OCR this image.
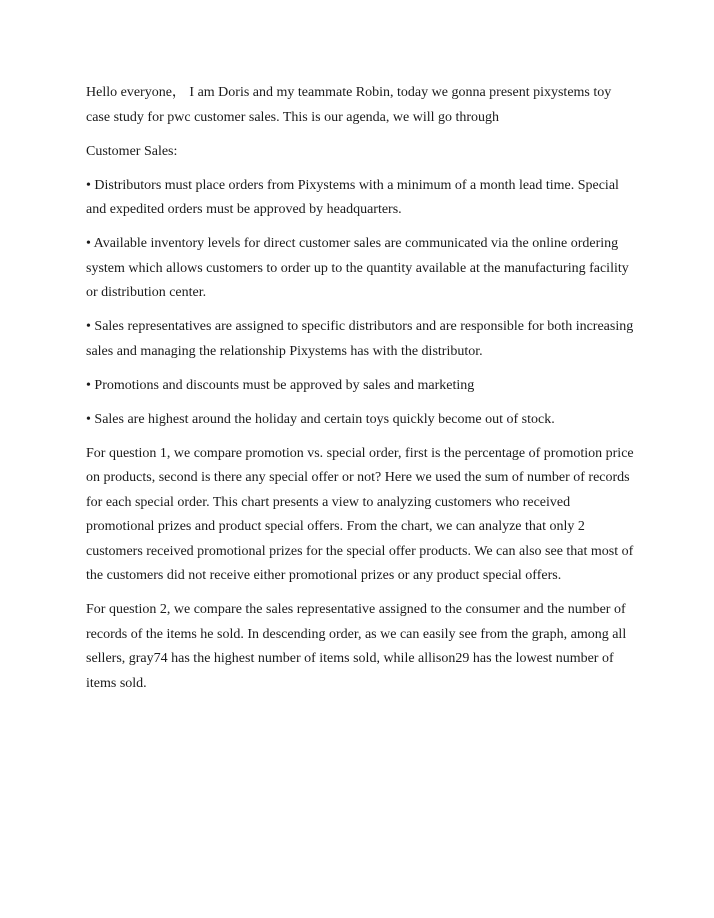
Hello everyone， I am Doris and my teammate Robin, today we gonna present pixystems toy case study for pwc customer sales. This is our agenda, we will go through

Customer Sales:

• Distributors must place orders from Pixystems with a minimum of a month lead time. Special and expedited orders must be approved by headquarters.

• Available inventory levels for direct customer sales are communicated via the online ordering system which allows customers to order up to the quantity available at the manufacturing facility or distribution center.

• Sales representatives are assigned to specific distributors and are responsible for both increasing sales and managing the relationship Pixystems has with the distributor.

• Promotions and discounts must be approved by sales and marketing

• Sales are highest around the holiday and certain toys quickly become out of stock.

For question 1, we compare promotion vs. special order, first is the percentage of promotion price on products, second is there any special offer or not? Here we used the sum of number of records for each special order. This chart presents a view to analyzing customers who received promotional prizes and product special offers. From the chart, we can analyze that only 2 customers received promotional prizes for the special offer products. We can also see that most of the customers did not receive either promotional prizes or any product special offers.

For question 2, we compare the sales representative assigned to the consumer and the number of records of the items he sold. In descending order, as we can easily see from the graph, among all sellers, gray74 has the highest number of items sold, while allison29 has the lowest number of items sold.
